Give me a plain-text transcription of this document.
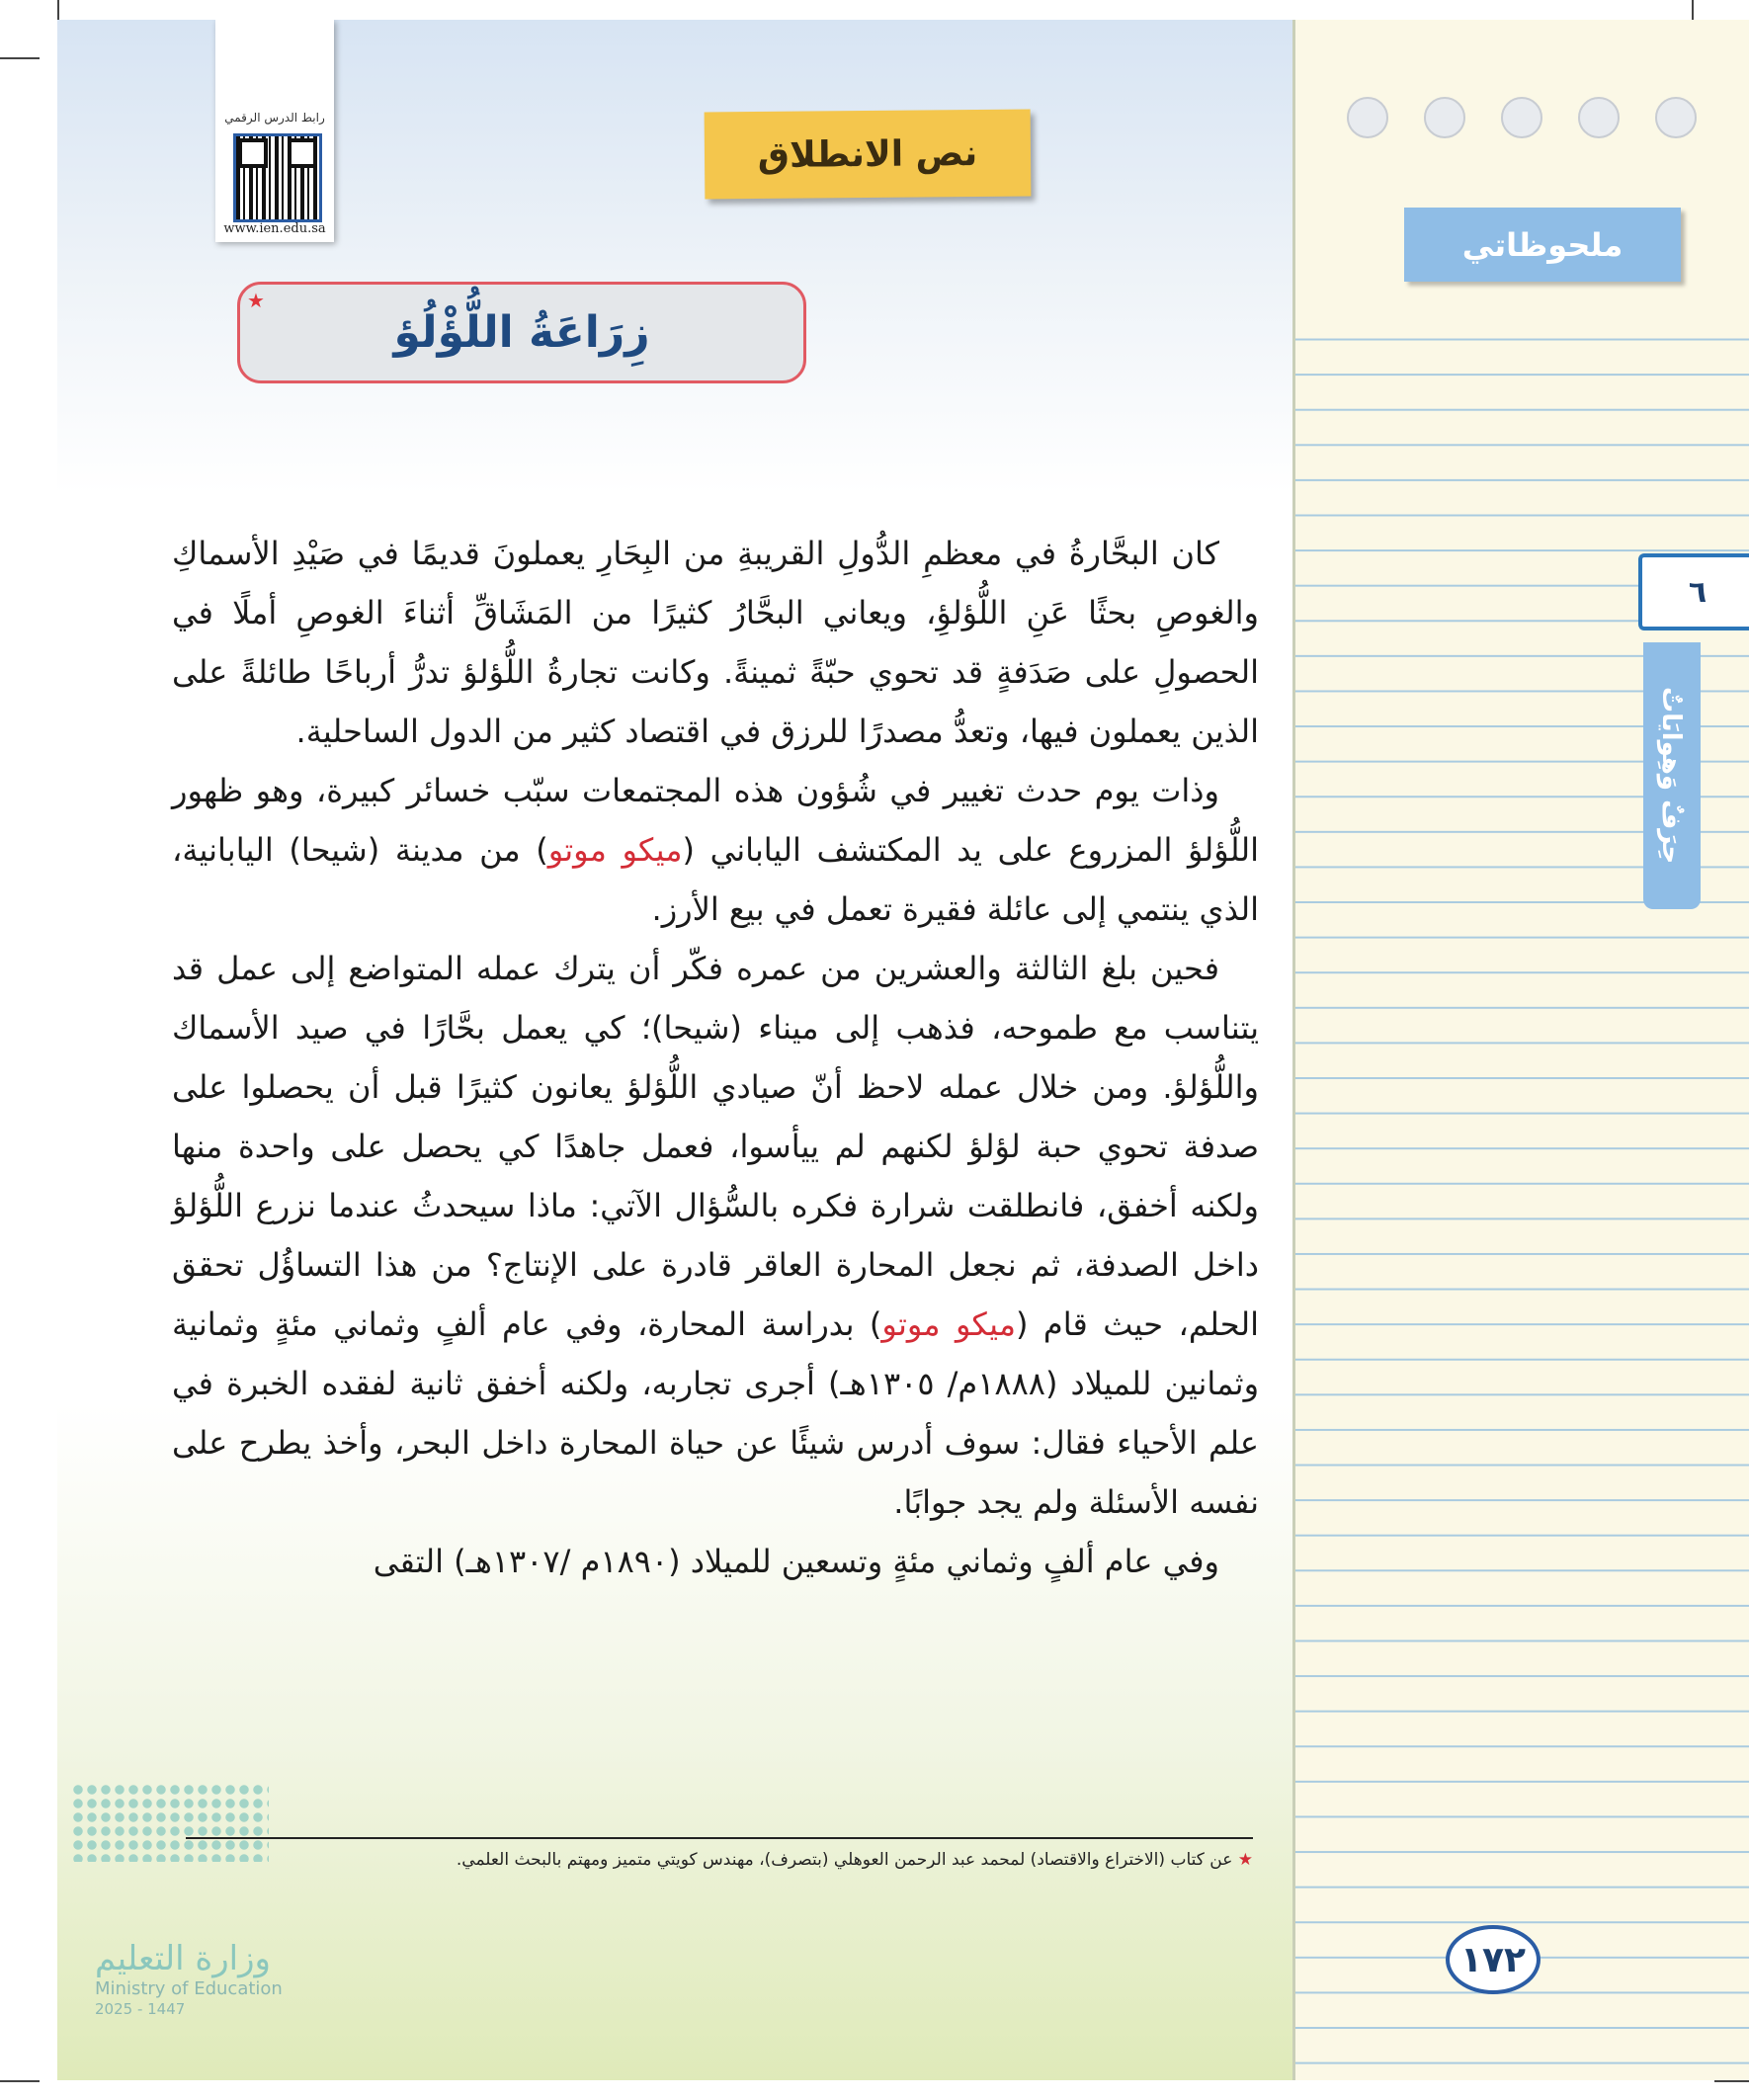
ملحوظاتي
٦
حِرَفٌ وَهِوايَاتٌ
رابط الدرس الرقمي
www.ien.edu.sa
نص الانطلاق
زِرَاعَةُ اللُّؤْلُؤ
★

كان البحَّارةُ في معظمِ الدُّولِ القريبةِ من البِحَارِ يعملونَ قديمًا في صَيْدِ الأسماكِ والغوصِ بحثًا عَنِ اللُّؤلؤِ، ويعاني البحَّارُ كثيرًا من المَشَاقِّ أثناءَ الغوصِ أملًا في الحصولِ على صَدَفةٍ قد تحوي حبّةً ثمينةً. وكانت تجارةُ اللُّؤلؤ تدرُّ أرباحًا طائلةً على الذين يعملون فيها، وتعدُّ مصدرًا للرزق في اقتصاد كثير من الدول الساحلية.

وذات يوم حدث تغيير في شُؤون هذه المجتمعات سبّب خسائر كبيرة، وهو ظهور اللُّؤلؤ المزروع على يد المكتشف الياباني (ميكو موتو) من مدينة (شيحا) اليابانية، الذي ينتمي إلى عائلة فقيرة تعمل في بيع الأرز.

فحين بلغ الثالثة والعشرين من عمره فكّر أن يترك عمله المتواضع إلى عمل قد يتناسب مع طموحه، فذهب إلى ميناء (شيحا)؛ كي يعمل بحَّارًا في صيد الأسماك واللُّؤلؤ. ومن خلال عمله لاحظ أنّ صيادي اللُّؤلؤ يعانون كثيرًا قبل أن يحصلوا على صدفة تحوي حبة لؤلؤ لكنهم لم ييأسوا، فعمل جاهدًا كي يحصل على واحدة منها ولكنه أخفق، فانطلقت شرارة فكره بالسُّؤال الآتي: ماذا سيحدثُ عندما نزرع اللُّؤلؤ داخل الصدفة، ثم نجعل المحارة العاقر قادرة على الإنتاج؟ من هذا التساؤُل تحقق الحلم، حيث قام (ميكو موتو) بدراسة المحارة، وفي عام ألفٍ وثماني مئةٍ وثمانية وثمانين للميلاد (١٨٨٨م/ ١٣٠٥هـ) أجرى تجاربه، ولكنه أخفق ثانية لفقده الخبرة في علم الأحياء فقال: سوف أدرس شيئًا عن حياة المحارة داخل البحر، وأخذ يطرح على نفسه الأسئلة ولم يجد جوابًا.

وفي عام ألفٍ وثماني مئةٍ وتسعين للميلاد (١٨٩٠م /١٣٠٧هـ) التقى

★ عن كتاب (الاختراع والاقتصاد) لمحمد عبد الرحمن العوهلي (بتصرف)، مهندس كويتي متميز ومهتم بالبحث العلمي.
١٧٢
وزارة التعليم
Ministry of Education
2025 - 1447
